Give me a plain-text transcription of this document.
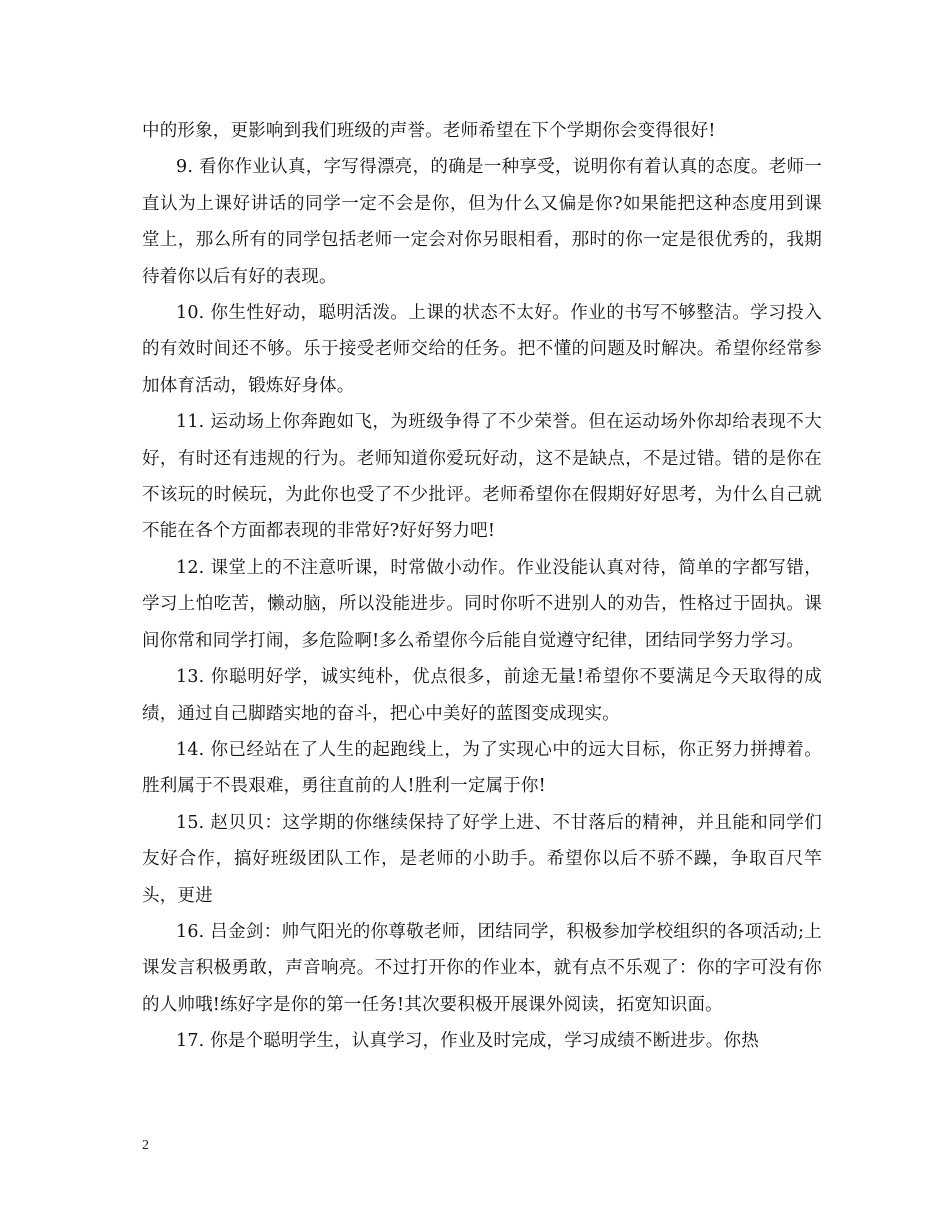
中的形象，更影响到我们班级的声誉。老师希望在下个学期你会变得很好!

9. 看你作业认真，字写得漂亮，的确是一种享受，说明你有着认真的态度。老师一直认为上课好讲话的同学一定不会是你，但为什么又偏是你?如果能把这种态度用到课堂上，那么所有的同学包括老师一定会对你另眼相看，那时的你一定是很优秀的，我期待着你以后有好的表现。

10. 你生性好动，聪明活泼。上课的状态不太好。作业的书写不够整洁。学习投入的有效时间还不够。乐于接受老师交给的任务。把不懂的问题及时解决。希望你经常参加体育活动，锻炼好身体。

11. 运动场上你奔跑如飞，为班级争得了不少荣誉。但在运动场外你却给表现不大好，有时还有违规的行为。老师知道你爱玩好动，这不是缺点，不是过错。错的是你在不该玩的时候玩，为此你也受了不少批评。老师希望你在假期好好思考，为什么自己就不能在各个方面都表现的非常好?好好努力吧!

12. 课堂上的不注意听课，时常做小动作。作业没能认真对待，简单的字都写错，学习上怕吃苦，懒动脑，所以没能进步。同时你听不进别人的劝告，性格过于固执。课间你常和同学打闹，多危险啊!多么希望你今后能自觉遵守纪律，团结同学努力学习。

13. 你聪明好学，诚实纯朴，优点很多，前途无量!希望你不要满足今天取得的成绩，通过自己脚踏实地的奋斗，把心中美好的蓝图变成现实。

14. 你已经站在了人生的起跑线上，为了实现心中的远大目标，你正努力拼搏着。胜利属于不畏艰难，勇往直前的人!胜利一定属于你!

15. 赵贝贝：这学期的你继续保持了好学上进、不甘落后的精神，并且能和同学们友好合作，搞好班级团队工作，是老师的小助手。希望你以后不骄不躁，争取百尺竿头，更进

16. 吕金剑：帅气阳光的你尊敬老师，团结同学，积极参加学校组织的各项活动;上课发言积极勇敢，声音响亮。不过打开你的作业本，就有点不乐观了：你的字可没有你的人帅哦!练好字是你的第一任务!其次要积极开展课外阅读，拓宽知识面。

17. 你是个聪明学生，认真学习，作业及时完成，学习成绩不断进步。你热

2
